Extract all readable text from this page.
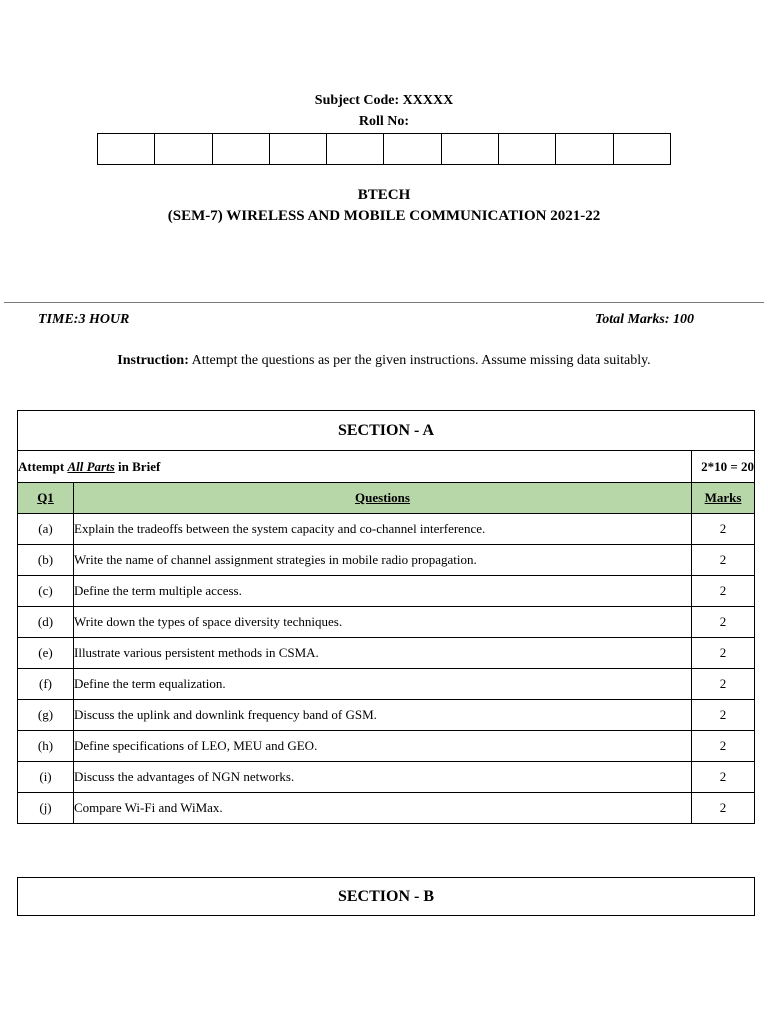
Subject Code: XXXXX
Roll No:
BTECH
(SEM-7) WIRELESS AND MOBILE COMMUNICATION 2021-22
TIME:3 HOUR	Total Marks: 100
Instruction: Attempt the questions as per the given instructions. Assume missing data suitably.
SECTION - A		
Attempt All Parts in Brief		2*10 = 20
Q1	Questions	Marks
(a)	Explain the tradeoffs between the system capacity and co-channel interference.	2
(b)	Write the name of channel assignment strategies in mobile radio propagation.	2
(c)	Define the term multiple access.	2
(d)	Write down the types of space diversity techniques.	2
(e)	Illustrate various persistent methods in CSMA.	2
(f)	Define the term equalization.	2
(g)	Discuss the uplink and downlink frequency band of GSM.	2
(h)	Define specifications of LEO, MEU and GEO.	2
(i)	Discuss the advantages of NGN networks.	2
(j)	Compare Wi-Fi and WiMax.	2
SECTION - B
